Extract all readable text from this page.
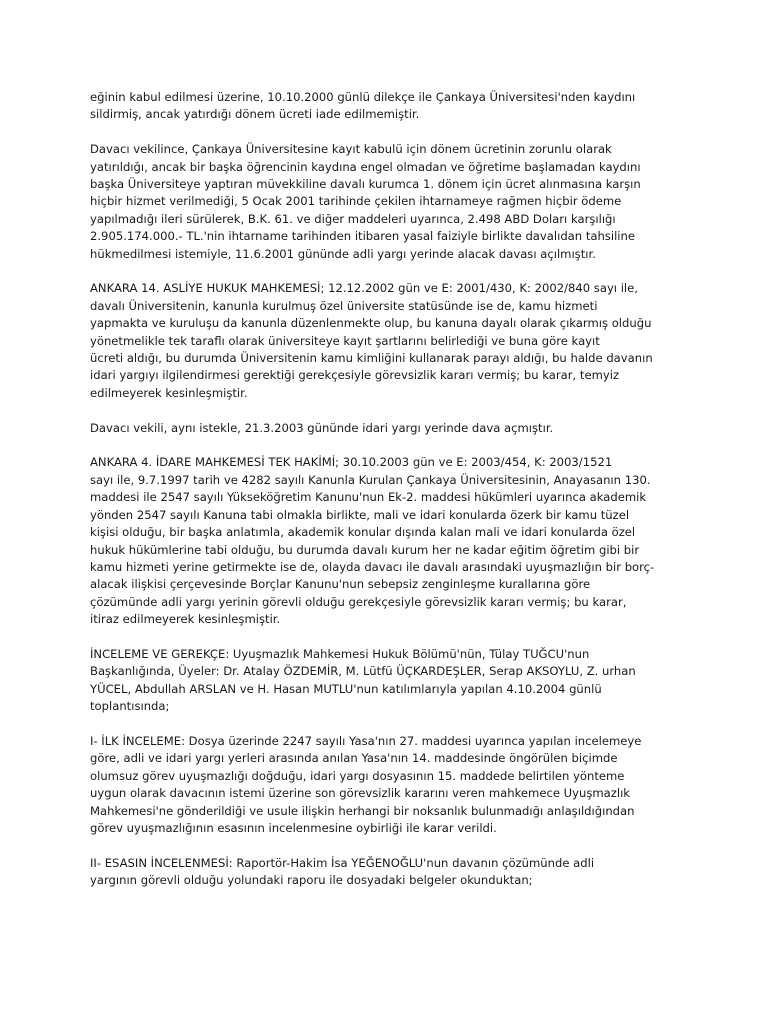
eğinin kabul edilmesi üzerine, 10.10.2000 günlü dilekçe ile Çankaya Üniversitesi'nden kaydını
sildirmiş, ancak yatırdığı dönem ücreti iade edilmemiştir.

Davacı vekilince, Çankaya Üniversitesine kayıt kabulü için dönem ücretinin zorunlu olarak
yatırıldığı, ancak bir başka öğrencinin kaydına engel olmadan ve öğretime başlamadan kaydını
başka Üniversiteye yaptıran müvekkiline davalı kurumca 1. dönem için ücret alınmasına karşın
hiçbir hizmet verilmediği, 5 Ocak 2001 tarihinde çekilen ihtarnameye rağmen hiçbir ödeme
yapılmadığı ileri sürülerek, B.K. 61. ve diğer maddeleri uyarınca, 2.498 ABD Doları karşılığı
2.905.174.000.- TL.'nin ihtarname tarihinden itibaren yasal faiziyle birlikte davalıdan tahsiline
hükmedilmesi istemiyle, 11.6.2001 gününde adli yargı yerinde alacak davası açılmıştır.

ANKARA 14. ASLİYE HUKUK MAHKEMESİ; 12.12.2002 gün ve E: 2001/430, K: 2002/840 sayı ile,
davalı Üniversitenin, kanunla kurulmuş özel üniversite statüsünde ise de, kamu hizmeti
yapmakta ve kuruluşu da kanunla düzenlenmekte olup, bu kanuna dayalı olarak çıkarmış olduğu
yönetmelikle tek taraflı olarak üniversiteye kayıt şartlarını belirlediği ve buna göre kayıt
ücreti aldığı, bu durumda Üniversitenin kamu kimliğini kullanarak parayı aldığı, bu halde davanın
idari yargıyı ilgilendirmesi gerektiği gerekçesiyle görevsizlik kararı vermiş; bu karar, temyiz
edilmeyerek kesinleşmiştir.

Davacı vekili, aynı istekle, 21.3.2003 gününde idari yargı yerinde dava açmıştır.

ANKARA 4. İDARE MAHKEMESİ TEK HAKİMİ; 30.10.2003 gün ve E: 2003/454, K: 2003/1521
sayı ile, 9.7.1997 tarih ve 4282 sayılı Kanunla Kurulan Çankaya Üniversitesinin, Anayasanın 130.
maddesi ile 2547 sayılı Yükseköğretim Kanunu'nun Ek-2. maddesi hükümleri uyarınca akademik
yönden 2547 sayılı Kanuna tabi olmakla birlikte, mali ve idari konularda özerk bir kamu tüzel
kişisi olduğu, bir başka anlatımla, akademik konular dışında kalan mali ve idari konularda özel
hukuk hükümlerine tabi olduğu, bu durumda davalı kurum her ne kadar eğitim öğretim gibi bir
kamu hizmeti yerine getirmekte ise de, olayda davacı ile davalı arasındaki uyuşmazlığın bir borç-
alacak ilişkisi çerçevesinde Borçlar Kanunu'nun sebepsiz zenginleşme kurallarına göre
çözümünde adli yargı yerinin görevli olduğu gerekçesiyle görevsizlik kararı vermiş; bu karar,
itiraz edilmeyerek kesinleşmiştir.

İNCELEME VE GEREKÇE: Uyuşmazlık Mahkemesi Hukuk Bölümü'nün, Tülay TUĞCU'nun
Başkanlığında, Üyeler: Dr. Atalay ÖZDEMİR, M. Lütfü ÜÇKARDEŞLER, Serap AKSOYLU, Z. urhan
YÜCEL, Abdullah ARSLAN ve H. Hasan MUTLU'nun katılımlarıyla yapılan 4.10.2004 günlü
toplantısında;

I- İLK İNCELEME: Dosya üzerinde 2247 sayılı Yasa'nın 27. maddesi uyarınca yapılan incelemeye
göre, adli ve idari yargı yerleri arasında anılan Yasa'nın 14. maddesinde öngörülen biçimde
olumsuz görev uyuşmazlığı doğduğu, idari yargı dosyasının 15. maddede belirtilen yönteme
uygun olarak davacının istemi üzerine son görevsizlik kararını veren mahkemece Uyuşmazlık
Mahkemesi'ne gönderildiği ve usule ilişkin herhangi bir noksanlık bulunmadığı anlaşıldığından
görev uyuşmazlığının esasının incelenmesine oybirliği ile karar verildi.

II- ESASIN İNCELENMESİ: Raportör-Hakim İsa YEĞENOĞLU'nun davanın çözümünde adli
yargının görevli olduğu yolundaki raporu ile dosyadaki belgeler okunduktan;
